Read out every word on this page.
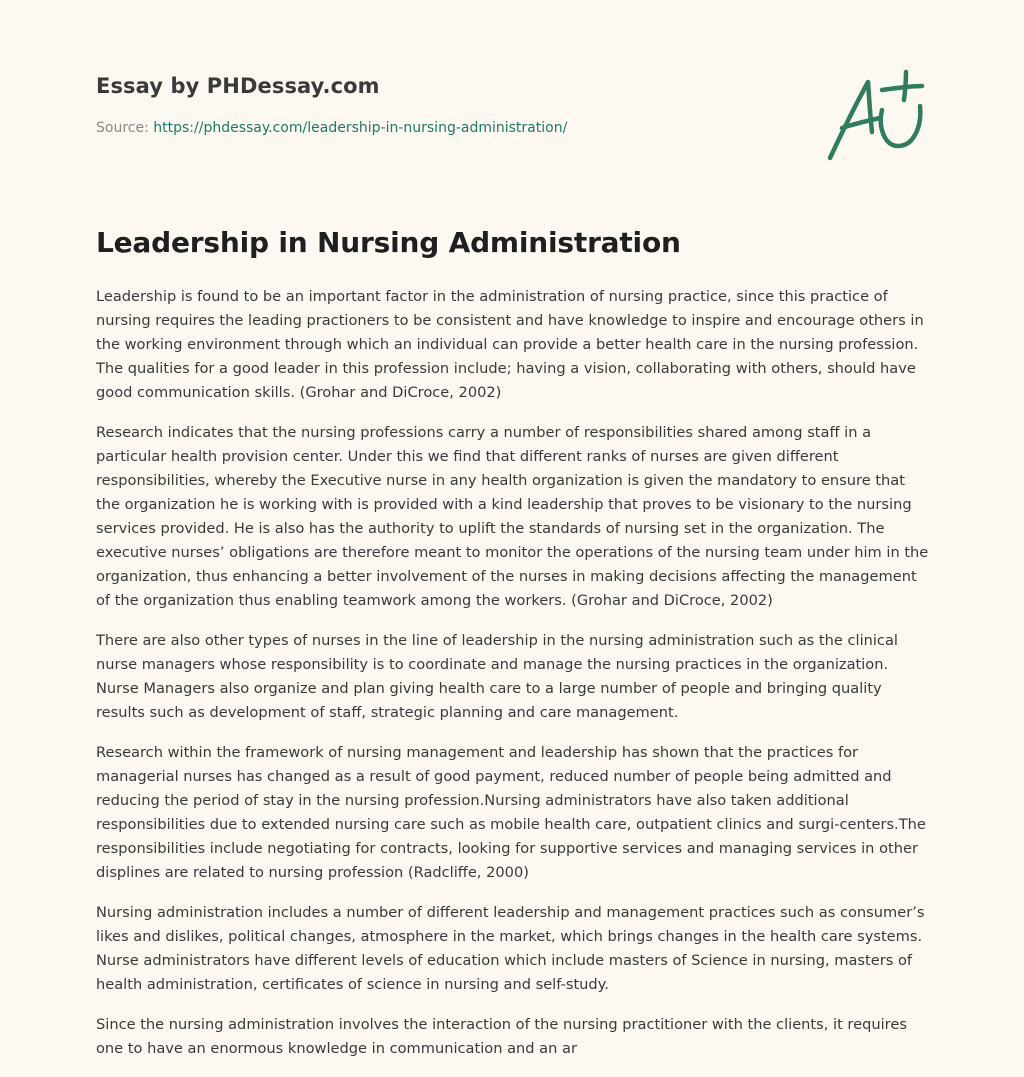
Essay by PHDessay.com
Source: https://phdessay.com/leadership-in-nursing-administration/
Leadership in Nursing Administration

Leadership is found to be an important factor in the administration of nursing practice, since this practice of nursing requires the leading practioners to be consistent and have knowledge to inspire and encourage others in the working environment through which an individual can provide a better health care in the nursing profession. The qualities for a good leader in this profession include; having a vision, collaborating with others, should have good communication skills. (Grohar and DiCroce, 2002)

Research indicates that the nursing professions carry a number of responsibilities shared among staff in a particular health provision center. Under this we find that different ranks of nurses are given different responsibilities, whereby the Executive nurse in any health organization is given the mandatory to ensure that the organization he is working with is provided with a kind leadership that proves to be visionary to the nursing services provided. He is also has the authority to uplift the standards of nursing set in the organization. The executive nurses’ obligations are therefore meant to monitor the operations of the nursing team under him in the organization, thus enhancing a better involvement of the nurses in making decisions affecting the management of the organization thus enabling teamwork among the workers. (Grohar and DiCroce, 2002)

There are also other types of nurses in the line of leadership in the nursing administration such as the clinical nurse managers whose responsibility is to coordinate and manage the nursing practices in the organization. Nurse Managers also organize and plan giving health care to a large number of people and bringing quality results such as development of staff, strategic planning and care management.

Research within the framework of nursing management and leadership has shown that the practices for managerial nurses has changed as a result of good payment, reduced number of people being admitted and reducing the period of stay in the nursing profession.Nursing administrators have also taken additional responsibilities due to extended nursing care such as mobile health care, outpatient clinics and surgi-centers.The responsibilities include negotiating for contracts, looking for supportive services and managing services in other displines are related to nursing profession (Radcliffe, 2000)

Nursing administration includes a number of different leadership and management practices such as consumer’s likes and dislikes, political changes, atmosphere in the market, which brings changes in the health care systems. Nurse administrators have different levels of education which include masters of Science in nursing, masters of health administration, certificates of science in nursing and self-study.

Since the nursing administration involves the interaction of the nursing practitioner with the clients, it requires one to have an enormous knowledge in communication and an ar
